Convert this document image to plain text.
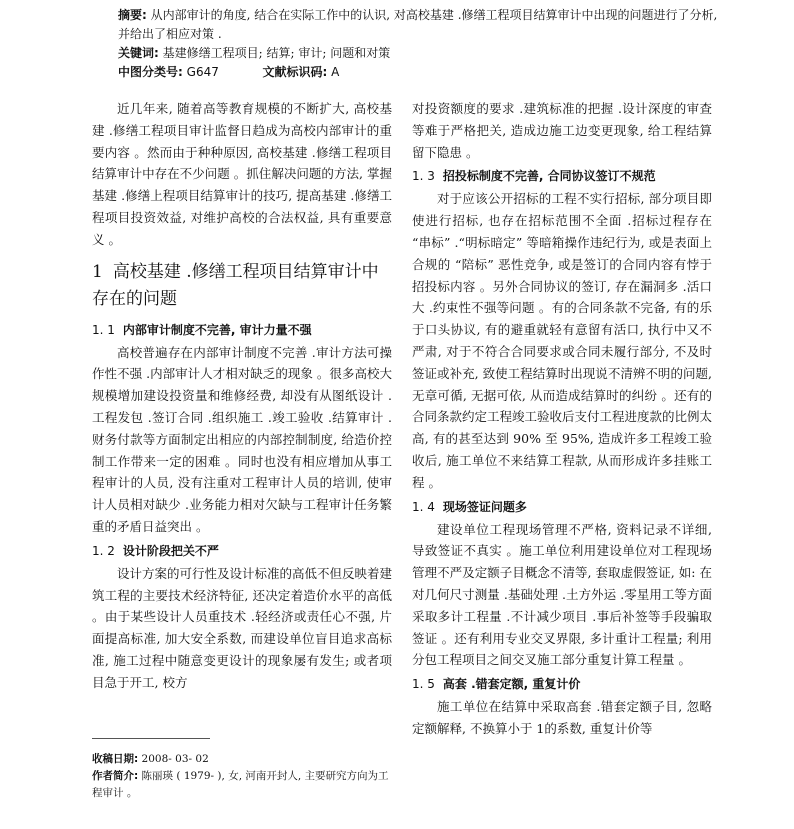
摘要: 从内部审计的角度, 结合在实际工作中的认识, 对高校基建 .修缮工程项目结算审计中出现的问题进行了分析, 并给出了相应对策 .

关键词: 基建修缮工程项目; 结算; 审计; 问题和对策

中图分类号: G647	文献标识码: A

近几年来, 随着高等教育规模的不断扩大, 高校基建 .修缮工程项目审计监督日趋成为高校内部审计的重要内容 。然而由于种种原因, 高校基建 .修缮工程项目结算审计中存在不少问题 。抓住解决问题的方法, 掌握基建 .修缮上程项目结算审计的技巧, 提高基建 .修缮工程项目投资效益, 对维护高校的合法权益, 具有重要意义 。

1 高校基建 .修缮工程项目结算审计中存在的问题
1. 1 内部审计制度不完善, 审计力量不强

高校普遍存在内部审计制度不完善 .审计方法可操作性不强 .内部审计人才相对缺乏的现象 。很多高校大规模增加建设投资量和维修经费, 却没有从图纸设计 .工程发包 .签订合同 .组织施工 .竣工验收 .结算审计 .财务付款等方面制定出相应的内部控制制度, 给造价控制工作带来一定的困难 。同时也没有相应增加从事工程审计的人员, 没有注重对工程审计人员的培训, 使审计人员相对缺少 .业务能力相对欠缺与工程审计任务繁重的矛盾日益突出 。

1. 2 设计阶段把关不严

设计方案的可行性及设计标准的高低不但反映着建筑工程的主要技术经济特征, 还决定着造价水平的高低 。由于某些设计人员重技术 .轻经济或责任心不强, 片面提高标准, 加大安全系数, 而建设单位盲目追求高标准, 施工过程中随意变更设计的现象屡有发生; 或者项目急于开工, 校方

收稿日期: 2008- 03- 02

作者简介: 陈丽瑛 ( 1979- ), 女, 河南开封人, 主要研究方向为工程审计 。

对投资额度的要求 .建筑标准的把握 .设计深度的审查等难于严格把关, 造成边施工边变更现象, 给工程结算留下隐患 。

1. 3 招投标制度不完善, 合同协议签订不规范

对于应该公开招标的工程不实行招标, 部分项目即使进行招标, 也存在招标范围不全面 .招标过程存在 “串标” .“明标暗定” 等暗箱操作违纪行为, 或是表面上合规的 “陪标” 恶性竞争, 或是签订的合同内容有悖于招投标内容 。另外合同协议的签订, 存在漏洞多 .活口大 .约束性不强等问题 。有的合同条款不完备, 有的乐于口头协议, 有的避重就轻有意留有活口, 执行中又不严肃, 对于不符合合同要求或合同未履行部分, 不及时签证或补充, 致使工程结算时出现说不清辨不明的问题, 无章可循, 无据可依, 从而造成结算时的纠纷 。还有的合同条款约定工程竣工验收后支付工程进度款的比例太高, 有的甚至达到 90% 至 95%, 造成许多工程竣工验收后, 施工单位不来结算工程款, 从而形成许多挂账工程 。

1. 4 现场签证问题多

建设单位工程现场管理不严格, 资料记录不详细, 导致签证不真实 。施工单位利用建设单位对工程现场管理不严及定额子目概念不清等, 套取虚假签证, 如: 在对几何尺寸测量 .基础处理 .土方外运 .零星用工等方面采取多计工程量 .不计减少项目 .事后补签等手段骗取签证 。还有利用专业交叉界限, 多计重计工程量; 利用分包工程项目之间交叉施工部分重复计算工程量 。

1. 5 高套 .错套定额, 重复计价

施工单位在结算中采取高套 .错套定额子目, 忽略定额解释, 不换算小于 1的系数, 重复计价等
